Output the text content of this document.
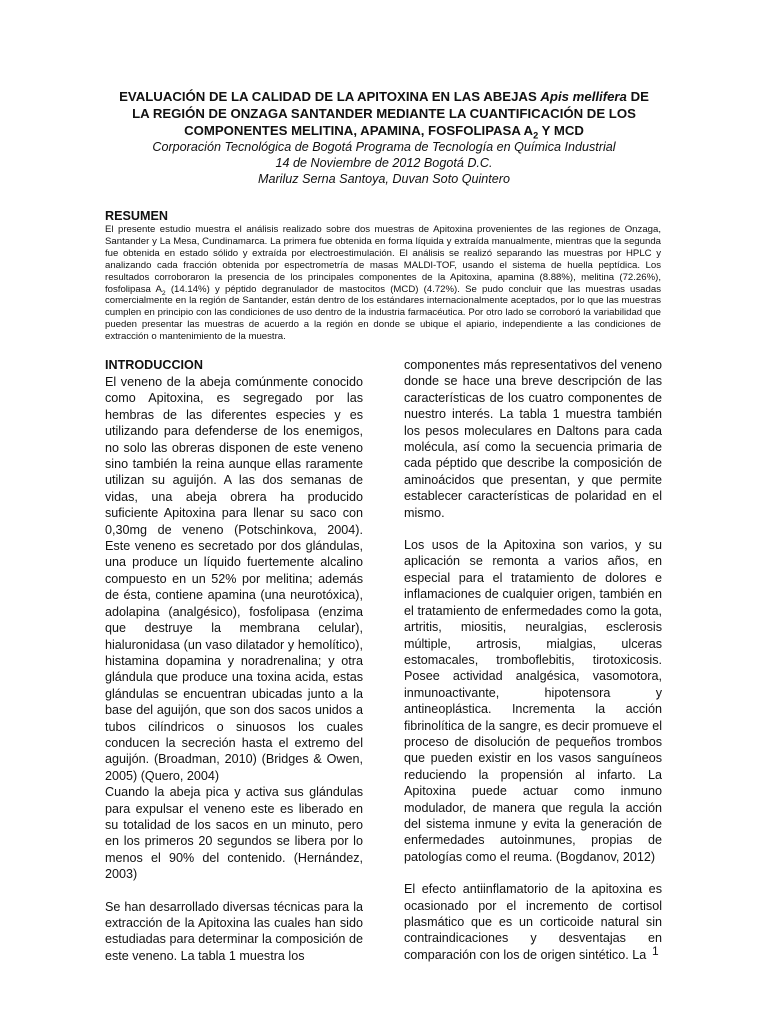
EVALUACIÓN DE LA CALIDAD DE LA APITOXINA EN LAS ABEJAS Apis mellifera DE
LA REGIÓN DE ONZAGA SANTANDER MEDIANTE LA CUANTIFICACIÓN DE LOS
COMPONENTES MELITINA, APAMINA, FOSFOLIPASA $A_2$ Y MCD

Corporación Tecnológica de Bogotá Programa de Tecnología en Química Industrial

14 de Noviembre de 2012 Bogotá D.C.

Mariluz Serna Santoya, Duvan Soto Quintero

RESUMEN

El presente estudio muestra el análisis realizado sobre dos muestras de Apitoxina provenientes de las regiones de Onzaga, Santander y La Mesa, Cundinamarca. La primera fue obtenida en forma líquida y extraída manualmente, mientras que la segunda fue obtenida en estado sólido y extraída por electroestimulación. El análisis se realizó separando las muestras por HPLC y analizando cada fracción obtenida por espectrometría de masas MALDI-TOF, usando el sistema de huella peptídica. Los resultados corroboraron la presencia de los principales componentes de la Apitoxina, apamina (8.88%), melitina (72.26%), fosfolipasa $A_2$ (14.14%) y péptido degranulador de mastocitos (MCD) (4.72%). Se pudo concluir que las muestras usadas comercialmente en la región de Santander, están dentro de los estándares internacionalmente aceptados, por lo que las muestras cumplen en principio con las condiciones de uso dentro de la industria farmacéutica. Por otro lado se corroboró la variabilidad que pueden presentar las muestras de acuerdo a la región en donde se ubique el apiario, independiente a las condiciones de extracción o mantenimiento de la muestra.

INTRODUCCION

El veneno de la abeja comúnmente conocido como Apitoxina, es segregado por las hembras de las diferentes especies y es utilizando para defenderse de los enemigos, no solo las obreras disponen de este veneno sino también la reina aunque ellas raramente utilizan su aguijón. A las dos semanas de vidas, una abeja obrera ha producido suficiente Apitoxina para llenar su saco con 0,30mg de veneno (Potschinkova, 2004). Este veneno es secretado por dos glándulas, una produce un líquido fuertemente alcalino compuesto en un 52% por melitina; además de ésta, contiene apamina (una neurotóxica), adolapina (analgésico), fosfolipasa (enzima que destruye la membrana celular), hialuronidasa (un vaso dilatador y hemolítico), histamina dopamina y noradrenalina; y otra glándula que produce una toxina acida, estas glándulas se encuentran ubicadas junto a la base del aguijón, que son dos sacos unidos a tubos cilíndricos o sinuosos los cuales conducen la secreción hasta el extremo del aguijón. (Broadman, 2010) (Bridges & Owen, 2005) (Quero, 2004)

Cuando la abeja pica y activa sus glándulas para expulsar el veneno este es liberado en su totalidad de los sacos en un minuto, pero en los primeros 20 segundos se libera por lo menos el 90% del contenido. (Hernández, 2003)

Se han desarrollado diversas técnicas para la extracción de la Apitoxina las cuales han sido estudiadas para determinar la composición de este veneno. La tabla 1 muestra los

componentes más representativos del veneno donde se hace una breve descripción de las características de los cuatro componentes de nuestro interés. La tabla 1 muestra también los pesos moleculares en Daltons para cada molécula, así como la secuencia primaria de cada péptido que describe la composición de aminoácidos que presentan, y que permite establecer características de polaridad en el mismo.

Los usos de la Apitoxina son varios, y su aplicación se remonta a varios años, en especial para el tratamiento de dolores e inflamaciones de cualquier origen, también en el tratamiento de enfermedades como la gota, artritis, miositis, neuralgias, esclerosis múltiple, artrosis, mialgias, ulceras estomacales, tromboflebitis, tirotoxicosis. Posee actividad analgésica, vasomotora, inmunoactivante, hipotensora y antineoplástica. Incrementa la acción fibrinolítica de la sangre, es decir promueve el proceso de disolución de pequeños trombos que pueden existir en los vasos sanguíneos reduciendo la propensión al infarto. La Apitoxina puede actuar como inmuno modulador, de manera que regula la acción del sistema inmune y evita la generación de enfermedades autoinmunes, propias de patologías como el reuma. (Bogdanov, 2012)

El efecto antiinflamatorio de la apitoxina es ocasionado por el incremento de cortisol plasmático que es un corticoide natural sin contraindicaciones y desventajas en comparación con los de origen sintético. La 1
